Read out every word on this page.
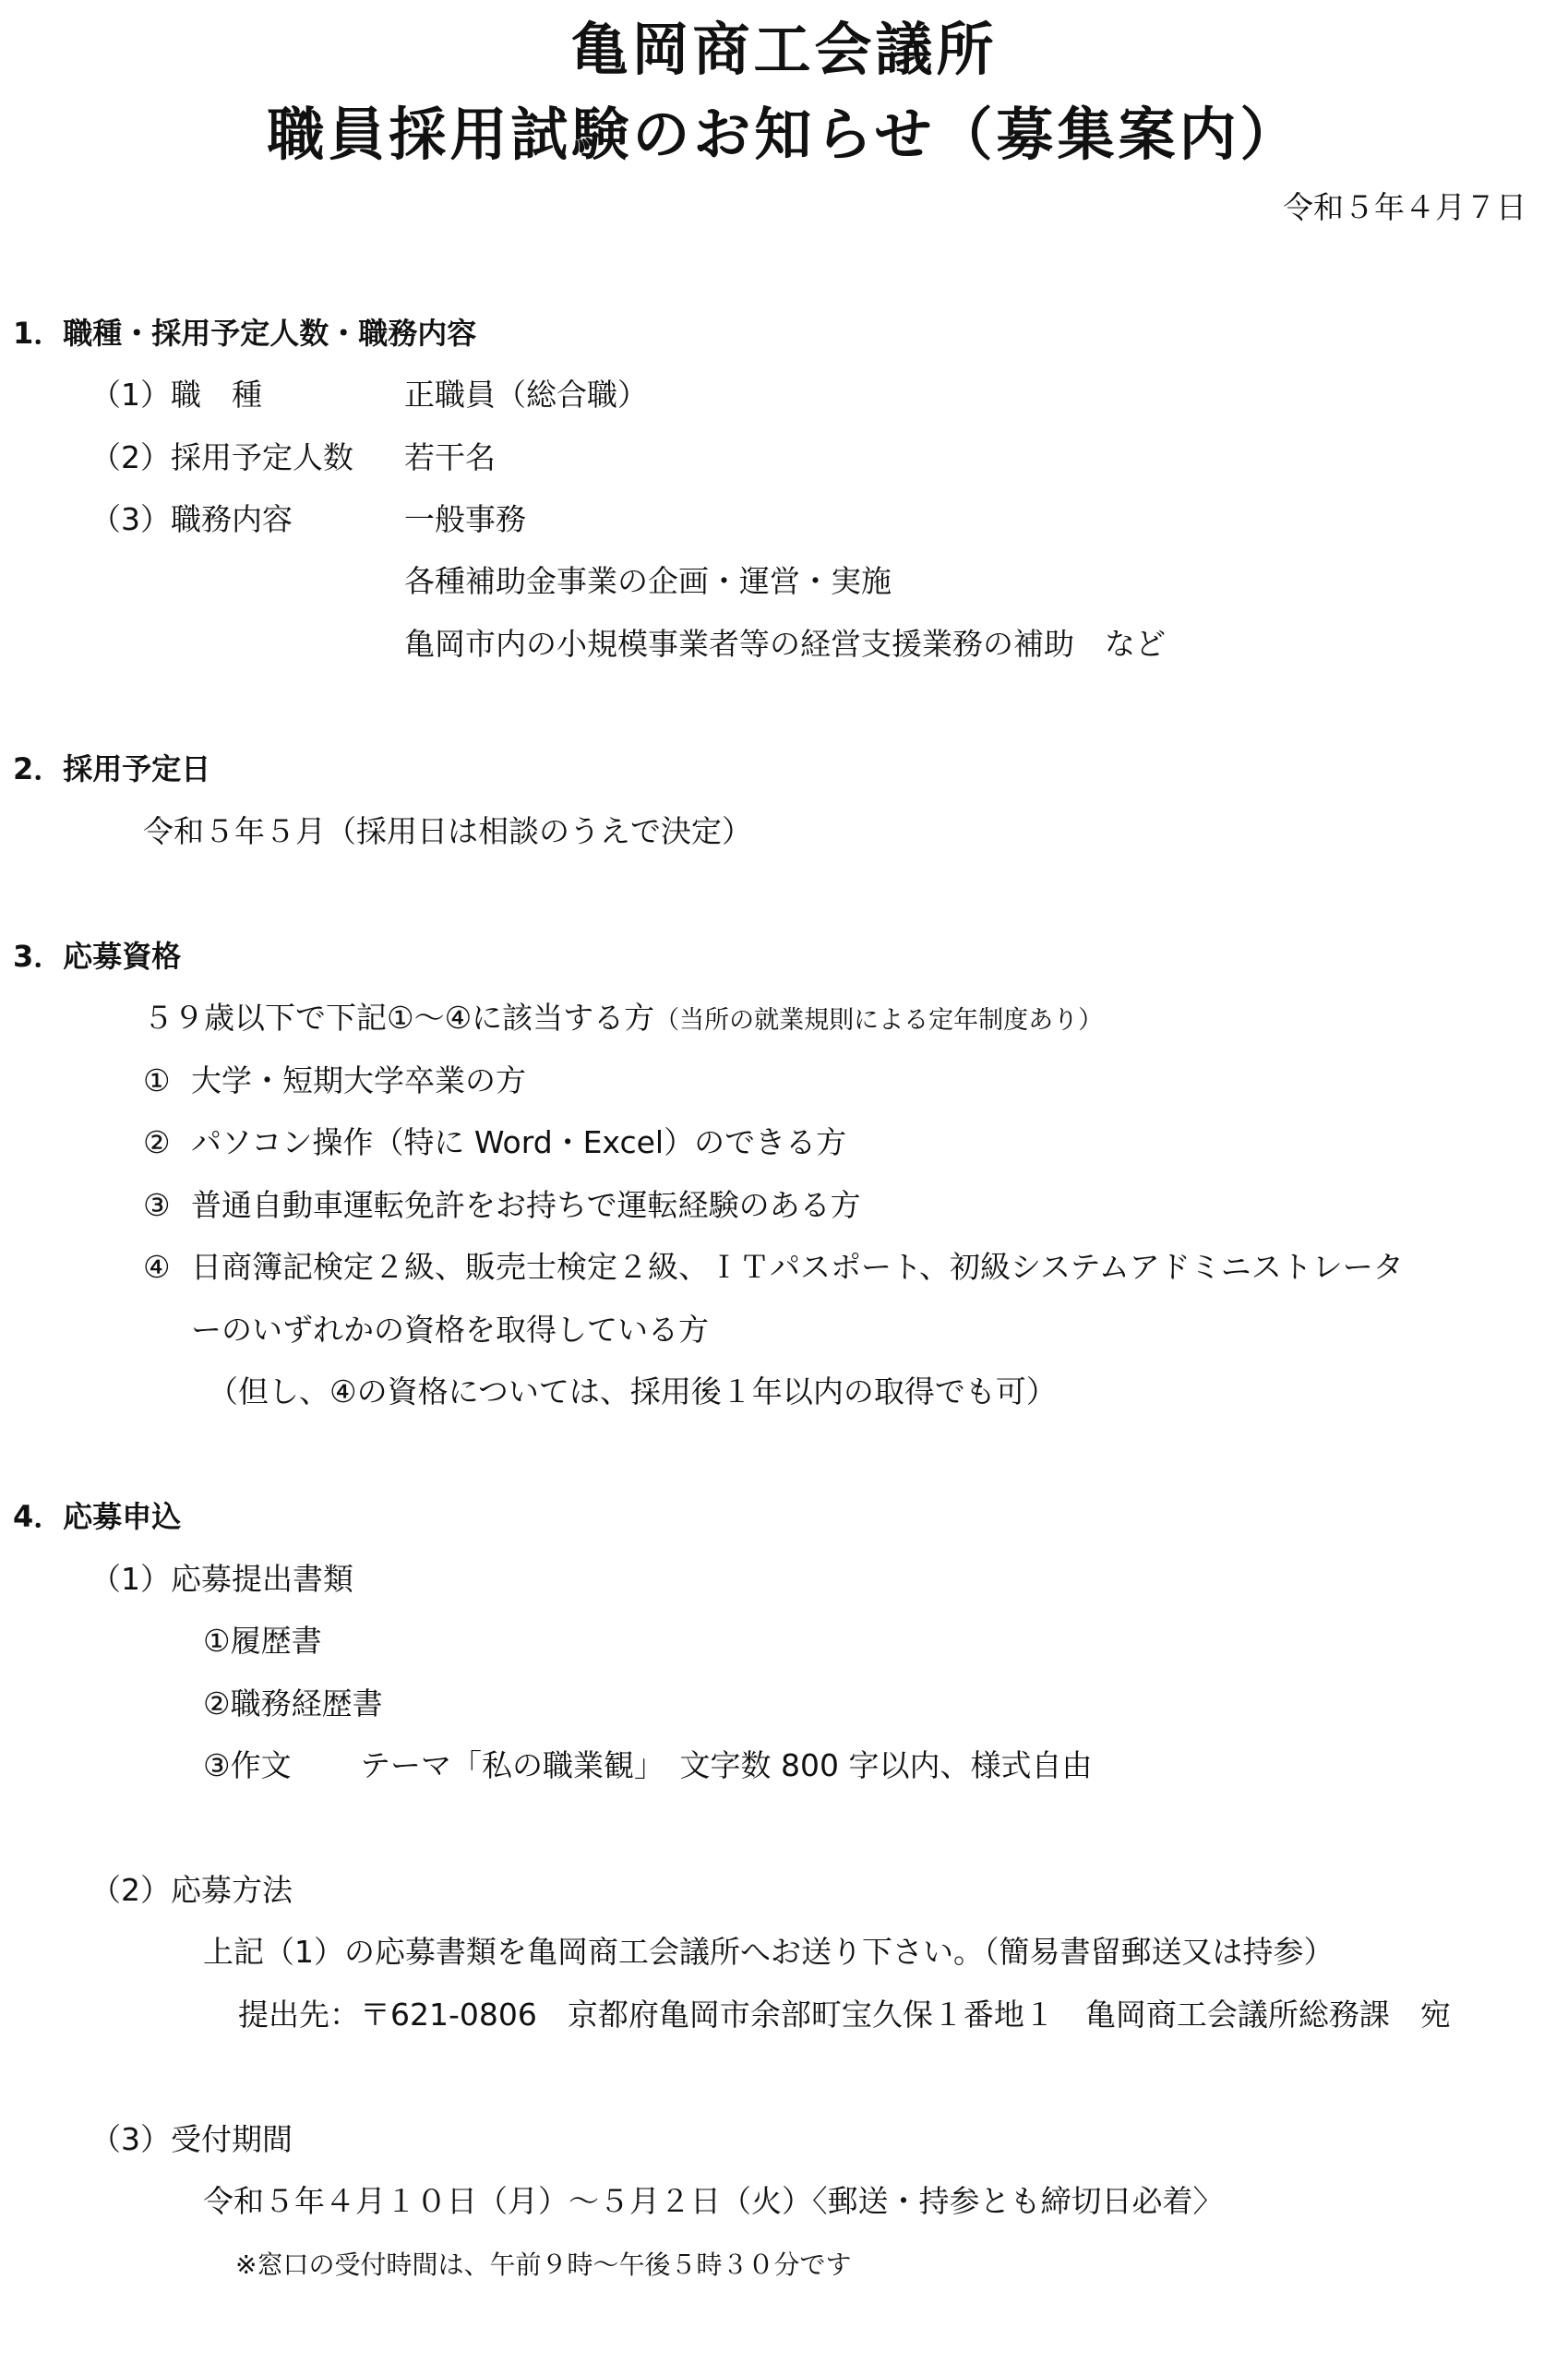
亀岡商工会議所
職員採用試験のお知らせ（募集案内）
令和５年４月７日
1．職種・採用予定人数・職務内容
（1）職　種	正職員（総合職）
（2）採用予定人数 若干名
（3）職務内容	一般事務
各種補助金事業の企画・運営・実施
亀岡市内の小規模事業者等の経営支援業務の補助　など
2．採用予定日
令和５年５月（採用日は相談のうえで決定）
3．応募資格
５９歳以下で下記①～④に該当する方（当所の就業規則による定年制度あり）
① 大学・短期大学卒業の方
② パソコン操作（特に Word・Excel）のできる方
③ 普通自動車運転免許をお持ちで運転経験のある方
④ 日商簿記検定２級、販売士検定２級、ＩＴパスポート、初級システムアドミニストレータ
ーのいずれかの資格を取得している方
（但し、④の資格については、採用後１年以内の取得でも可）
4．応募申込
（1）応募提出書類
①履歴書
②職務経歴書
③作文 テーマ「私の職業観」　文字数 800 字以内、様式自由
（2）応募方法
上記（1）の応募書類を亀岡商工会議所へお送り下さい。（簡易書留郵送又は持参）
提出先：〒621-0806　京都府亀岡市余部町宝久保１番地１　亀岡商工会議所総務課　宛
（3）受付期間
令和５年４月１０日（月）～５月２日（火）〈郵送・持参とも締切日必着〉
※窓口の受付時間は、午前９時～午後５時３０分です
